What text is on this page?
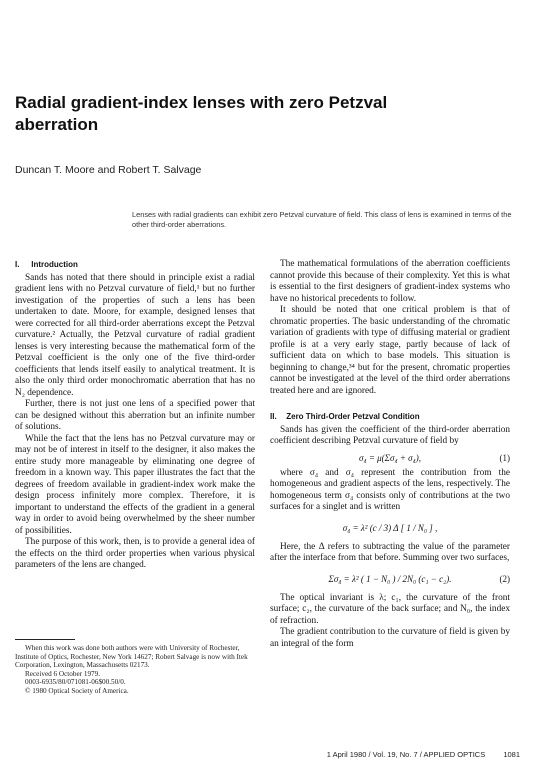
Radial gradient-index lenses with zero Petzval aberration
Duncan T. Moore and Robert T. Salvage
Lenses with radial gradients can exhibit zero Petzval curvature of field. This class of lens is examined in terms of the other third-order aberrations.
I. Introduction

Sands has noted that there should in principle exist a radial gradient lens with no Petzval curvature of field,¹ but no further investigation of the properties of such a lens has been undertaken to date. Moore, for example, designed lenses that were corrected for all third-order aberrations except the Petzval curvature.² Actually, the Petzval curvature of radial gradient lenses is very interesting because the mathematical form of the Petzval coefficient is the only one of the five third-order coefficients that lends itself easily to analytical treatment. It is also the only third order monochromatic aberration that has no N₂ dependence.

Further, there is not just one lens of a specified power that can be designed without this aberration but an infinite number of solutions.

While the fact that the lens has no Petzval curvature may or may not be of interest in itself to the designer, it also makes the entire study more manageable by eliminating one degree of freedom in a known way. This paper illustrates the fact that the degrees of freedom available in gradient-index work make the design process infinitely more complex. Therefore, it is important to understand the effects of the gradient in a general way in order to avoid being overwhelmed by the sheer number of possibilities.

The purpose of this work, then, is to provide a general idea of the effects on the third order properties when various physical parameters of the lens are changed.

The mathematical formulations of the aberration coefficients cannot provide this because of their complexity. Yet this is what is essential to the first designers of gradient-index systems who have no historical precedents to follow.

It should be noted that one critical problem is that of chromatic properties. The basic understanding of the chromatic variation of gradients with type of diffusing material or gradient profile is at a very early stage, partly because of lack of sufficient data on which to base models. This situation is beginning to change,³⁴ but for the present, chromatic properties cannot be investigated at the level of the third order aberrations treated here and are ignored.

II. Zero Third-Order Petzval Condition

Sands has given the coefficient of the third-order aberration coefficient describing Petzval curvature of field by

σ₄ = μ(Σσ₄ + σ₄),	(1)

where σ₄ and σ₄ represent the contribution from the homogeneous and gradient aspects of the lens, respectively. The homogeneous term σ₄ consists only of contributions at the two surfaces for a singlet and is written

σ₄ = λ² (c / 3) Δ [ 1 / N₀ ] ,

Here, the Δ refers to subtracting the value of the parameter after the interface from that before. Summing over two surfaces,

Σσ₄ = λ² ( 1 − N₀ ) / 2N₀ (c₁ − c₂).	(2)

The optical invariant is λ; c₁, the curvature of the front surface; c₂, the curvature of the back surface; and N₀, the index of refraction.

The gradient contribution to the curvature of field is given by an integral of the form

When this work was done both authors were with University of Rochester, Institute of Optics, Rochester, New York 14627; Robert Salvage is now with Itek Corporation, Lexington, Massachusetts 02173.

Received 6 October 1979.

0003-6935/80/071081-06$00.50/0.

© 1980 Optical Society of America.

1 April 1980 / Vol. 19, No. 7 / APPLIED OPTICS 1081
